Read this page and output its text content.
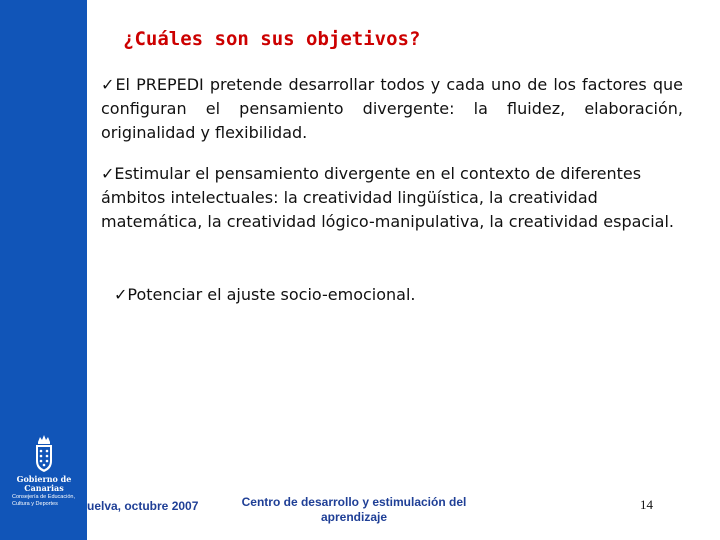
Gobierno de Canarias
Consejería de Educación, Cultura y Deportes
¿Cuáles son sus objetivos?

✓El PREPEDI pretende desarrollar todos y cada uno de los factores que configuran el pensamiento divergente: la fluidez, elaboración, originalidad y flexibilidad.

✓Estimular el pensamiento divergente en el contexto de diferentes ámbitos intelectuales: la creatividad lingüística, la creatividad matemática, la creatividad lógico-manipulativa, la creatividad espacial.

✓Potenciar el ajuste socio-emocional.

uelva, octubre 2007	Centro de desarrollo y estimulación del aprendizaje
14
